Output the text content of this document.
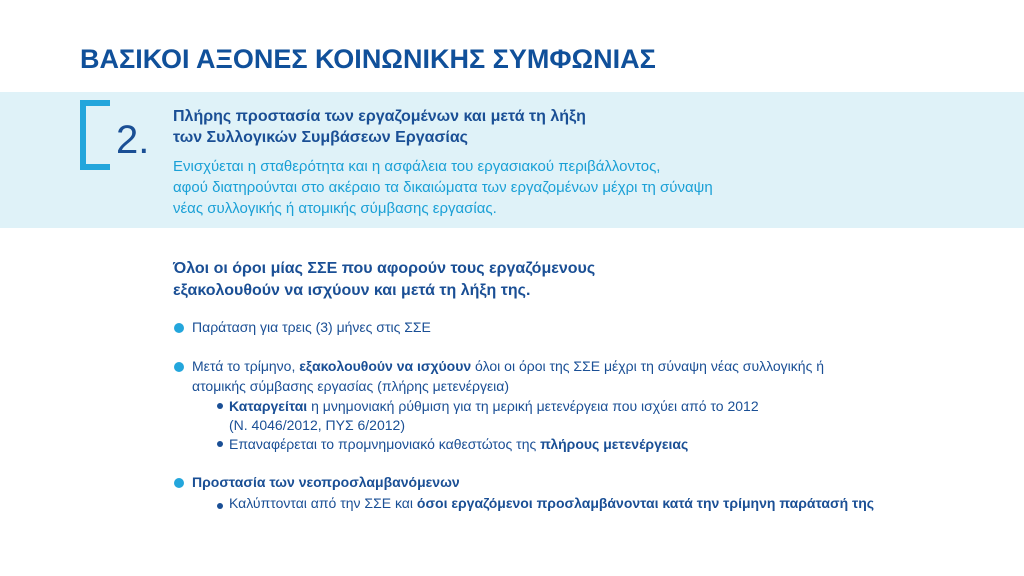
ΒΑΣΙΚΟΙ ΑΞΟΝΕΣ ΚΟΙΝΩΝΙΚΗΣ ΣΥΜΦΩΝΙΑΣ
2.
Πλήρης προστασία των εργαζομένων και μετά τη λήξη
των Συλλογικών Συμβάσεων Εργασίας
Ενισχύεται η σταθερότητα και η ασφάλεια του εργασιακού περιβάλλοντος,
αφού διατηρούνται στο ακέραιο τα δικαιώματα των εργαζομένων μέχρι τη σύναψη
νέας συλλογικής ή ατομικής σύμβασης εργασίας.
Όλοι οι όροι μίας ΣΣΕ που αφορούν τους εργαζόμενους
εξακολουθούν να ισχύουν και μετά τη λήξη της.
Παράταση για τρεις (3) μήνες στις ΣΣΕ
Μετά το τρίμηνο, εξακολουθούν να ισχύουν όλοι οι όροι της ΣΣΕ μέχρι τη σύναψη νέας συλλογικής ή
ατομικής σύμβασης εργασίας (πλήρης μετενέργεια)
Καταργείται η μνημονιακή ρύθμιση για τη μερική μετενέργεια που ισχύει από το 2012
(Ν. 4046/2012, ΠΥΣ 6/2012)
Επαναφέρεται το προμνημονιακό καθεστώτος της πλήρους μετενέργειας
Προστασία των νεοπροσλαμβανόμενων
Καλύπτονται από την ΣΣΕ και όσοι εργαζόμενοι προσλαμβάνονται κατά την τρίμηνη παράτασή της
